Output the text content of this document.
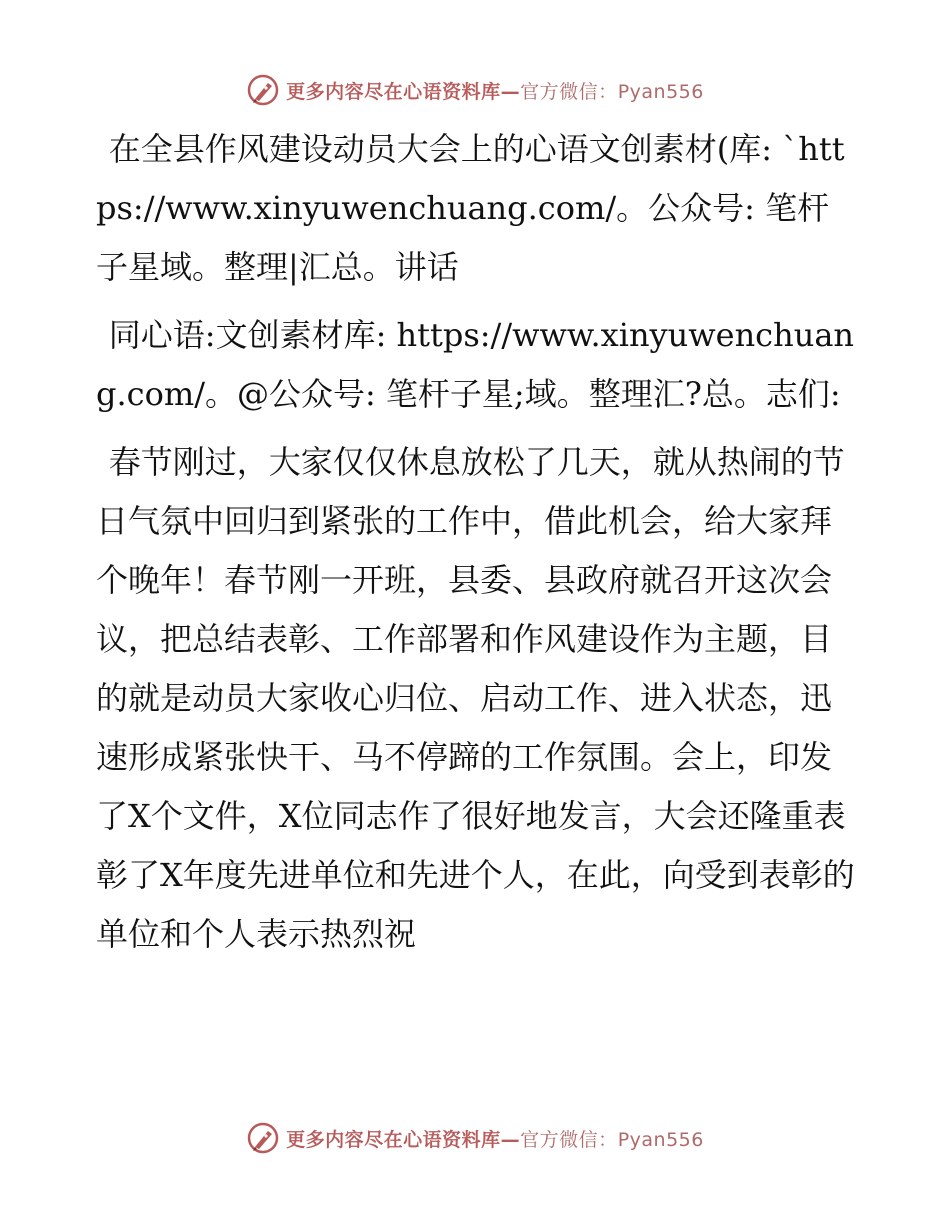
更多内容尽在心语资料库—官方微信：Pyan556

在全县作风建设动员大会上的心语文创素材(库: `https://www.xinyuwenchuang.com/。公众号: 笔杆子星域。整理|汇总。讲话

同心语:文创素材库: https://www.xinyuwenchuang.com/。@公众号: 笔杆子星;域。整理汇?总。志们:

春节刚过，大家仅仅休息放松了几天，就从热闹的节日气氛中回归到紧张的工作中，借此机会，给大家拜个晚年！春节刚一开班，县委、县政府就召开这次会议，把总结表彰、工作部署和作风建设作为主题，目的就是动员大家收心归位、启动工作、进入状态，迅速形成紧张快干、马不停蹄的工作氛围。会上，印发了X个文件，X位同志作了很好地发言，大会还隆重表彰了X年度先进单位和先进个人，在此，向受到表彰的单位和个人表示热烈祝

更多内容尽在心语资料库—官方微信：Pyan556
